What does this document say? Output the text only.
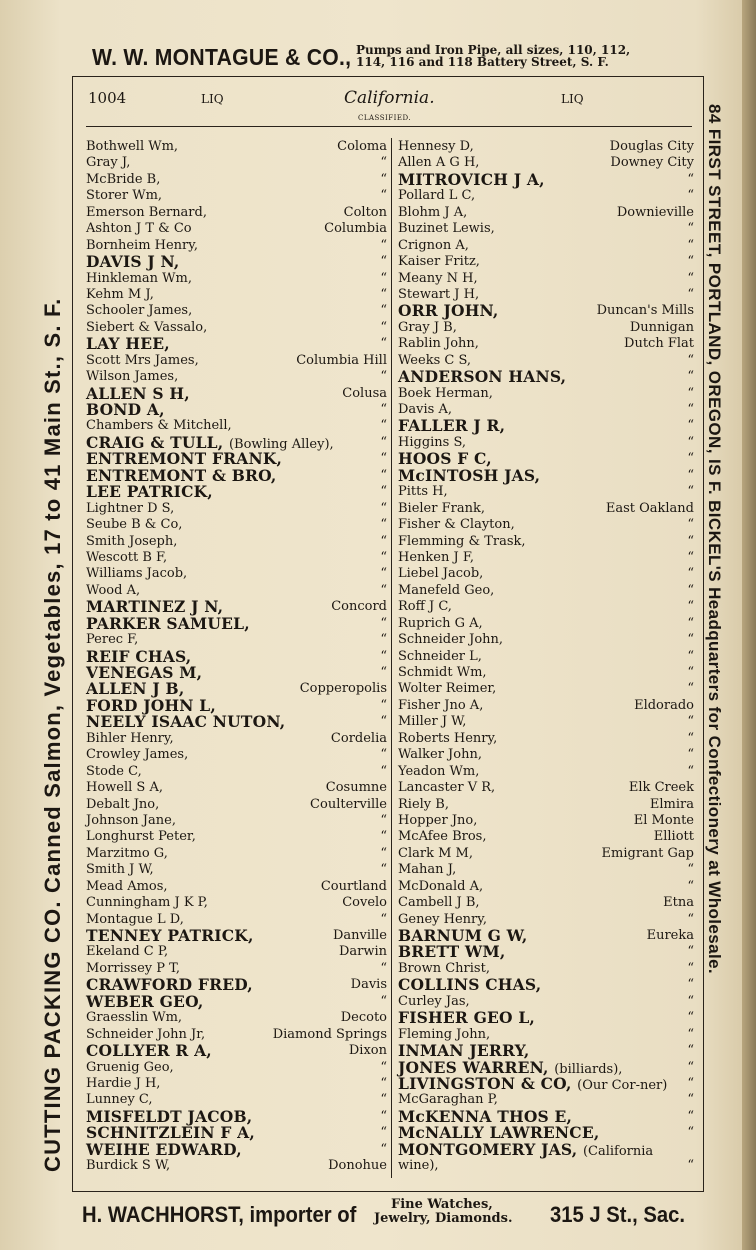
W. W. MONTAGUE & CO., Pumps and Iron Pipe, all sizes, 110, 112,
114, 116 and 118 Battery Street, S. F.
CUTTING PACKING CO. Canned Salmon, Vegetables, 17 to 41 Main St., S. F.	84 FIRST STREET, PORTLAND, OREGON, IS F. BICKEL'S Headquarters for Confectionery at Wholesale.
1004	LIQ	California.
CLASSIFIED.
LIQ
Bothwell Wm,	Coloma
Gray J,	“
McBride B,	“
Storer Wm,	“
Emerson Bernard,	Colton
Ashton J T & Co	Columbia
Bornheim Henry,	“
DAVIS J N,	“
Hinkleman Wm,	“
Kehm M J,	“
Schooler James,	“
Siebert & Vassalo,	“
LAY HEE,	“
Scott Mrs James,	Columbia Hill
Wilson James,	“
ALLEN S H,	Colusa
BOND A,	“
Chambers & Mitchell,	“
CRAIG & TULL, (Bowling Alley),	“
ENTREMONT FRANK,	“
ENTREMONT & BRO,	“
LEE PATRICK,	“
Lightner D S,	“
Seube B & Co,	“
Smith Joseph,	“
Wescott B F,	“
Williams Jacob,	“
Wood A,	“
MARTINEZ J N,	Concord
PARKER SAMUEL,	“
Perec F,	“
REIF CHAS,	“
VENEGAS M,	“
ALLEN J B,	Copperopolis
FORD JOHN L,	“
NEELY ISAAC NUTON,	“
Bihler Henry,	Cordelia
Crowley James,	“
Stode C,	“
Howell S A,	Cosumne
Debalt Jno,	Coulterville
Johnson Jane,	“
Longhurst Peter,	“
Marzitmo G,	“
Smith J W,	“
Mead Amos,	Courtland
Cunningham J K P,	Covelo
Montague L D,	“
TENNEY PATRICK,	Danville
Ekeland C P,	Darwin
Morrissey P T,	“
CRAWFORD FRED,	Davis
WEBER GEO,	“
Graesslin Wm,	Decoto
Schneider John Jr,	Diamond Springs
COLLYER R A,	Dixon
Gruenig Geo,	“
Hardie J H,	“
Lunney C,	“
MISFELDT JACOB,	“
SCHNITZLEIN F A,	“
WEIHE EDWARD,	“
Burdick S W,	Donohue
Hennesy D,	Douglas City
Allen A G H,	Downey City
MITROVICH J A,	“
Pollard L C,	“
Blohm J A,	Downieville
Buzinet Lewis,	“
Crignon A,	“
Kaiser Fritz,	“
Meany N H,	“
Stewart J H,	“
ORR JOHN,	Duncan's Mills
Gray J B,	Dunnigan
Rablin John,	Dutch Flat
Weeks C S,	“
ANDERSON HANS,	“
Boek Herman,	“
Davis A,	“
FALLER J R,	“
Higgins S,	“
HOOS F C,	“
McINTOSH JAS,	“
Pitts H,	“
Bieler Frank,	East Oakland
Fisher & Clayton,	“
Flemming & Trask,	“
Henken J F,	“
Liebel Jacob,	“
Manefeld Geo,	“
Roff J C,	“
Ruprich G A,	“
Schneider John,	“
Schneider L,	“
Schmidt Wm,	“
Wolter Reimer,	“
Fisher Jno A,	Eldorado
Miller J W,	“
Roberts Henry,	“
Walker John,	“
Yeadon Wm,	“
Lancaster V R,	Elk Creek
Riely B,	Elmira
Hopper Jno,	El Monte
McAfee Bros,	Elliott
Clark M M,	Emigrant Gap
Mahan J,	“
McDonald A,	“
Cambell J B,	Etna
Geney Henry,	“
BARNUM G W,	Eureka
BRETT WM,	“
Brown Christ,	“
COLLINS CHAS,	“
Curley Jas,	“
FISHER GEO L,	“
Fleming John,	“
INMAN JERRY,	“
JONES WARREN, (billiards),	“
LIVINGSTON & CO, (Our Cor-ner) “
McGaraghan P,	“
McKENNA THOS E,	“
McNALLY LAWRENCE,	“
MONTGOMERY JAS, (California
wine),	“
H. WACHHORST, importer of	Fine Watches,
Jewelry, Diamonds. 315 J St., Sac.
